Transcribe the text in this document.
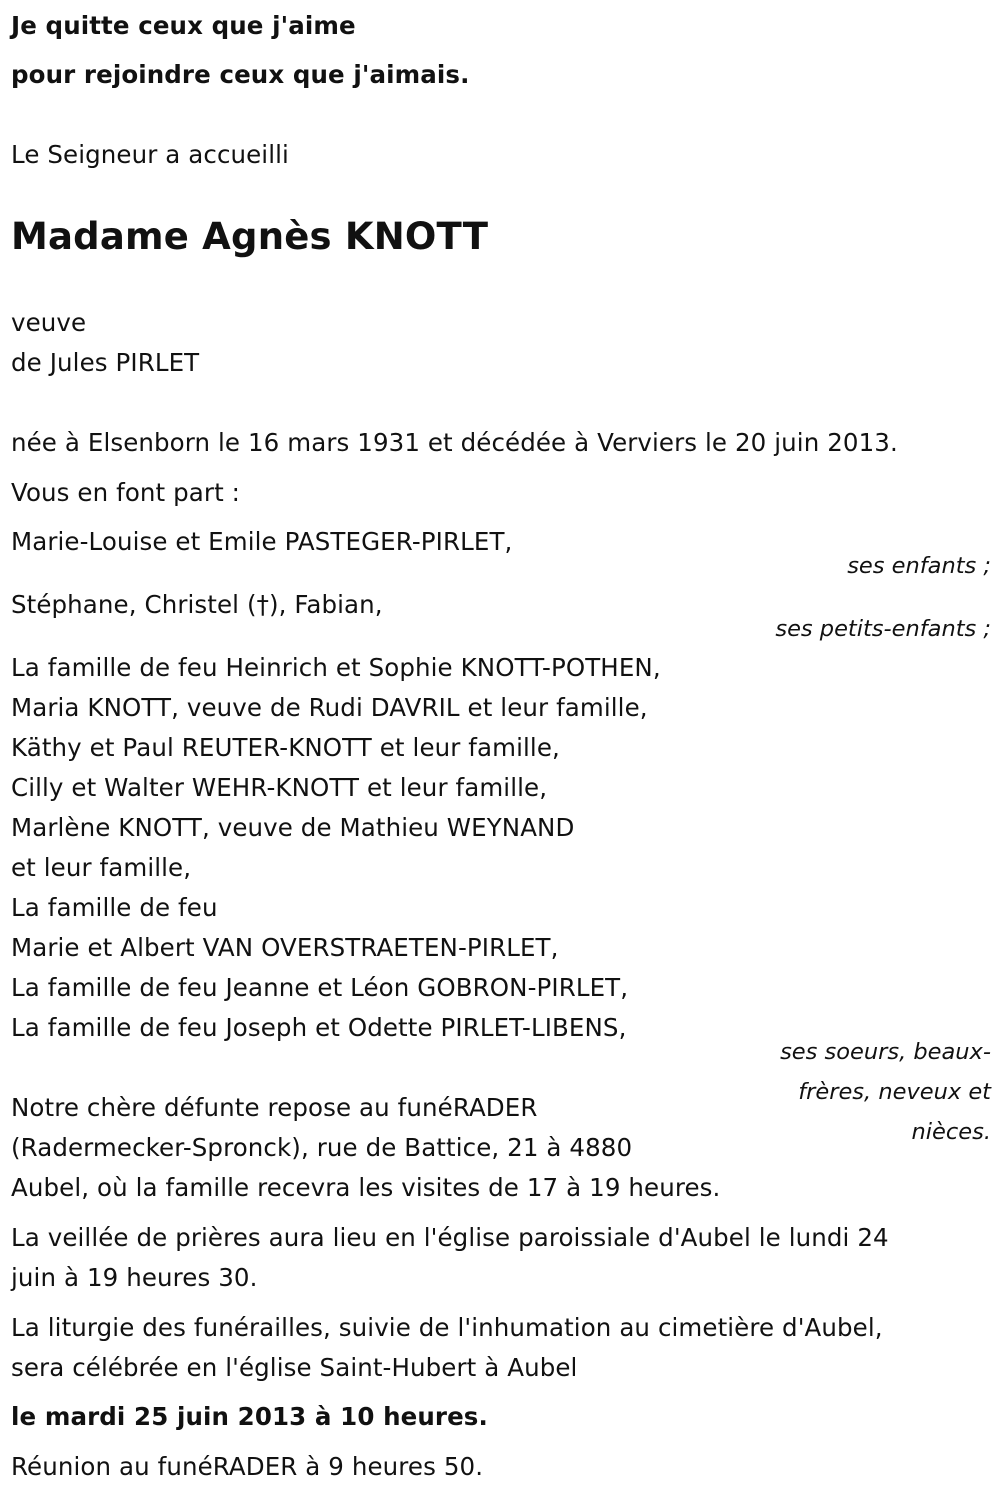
Je quitte ceux que j'aime

pour rejoindre ceux que j'aimais.

Le Seigneur a accueilli

Madame Agnès KNOTT

veuve

de Jules PIRLET

née à Elsenborn le 16 mars 1931 et décédée à Verviers le 20 juin 2013.

Vous en font part :

Marie-Louise et Emile PASTEGER-PIRLET,

ses enfants ;

Stéphane, Christel (†), Fabian,

ses petits-enfants ;

La famille de feu Heinrich et Sophie KNOTT-POTHEN,

Maria KNOTT, veuve de Rudi DAVRIL et leur famille,

Käthy et Paul REUTER-KNOTT et leur famille,

Cilly et Walter WEHR-KNOTT et leur famille,

Marlène KNOTT, veuve de Mathieu WEYNAND

et leur famille,

La famille de feu

Marie et Albert VAN OVERSTRAETEN-PIRLET,

La famille de feu Jeanne et Léon GOBRON-PIRLET,

La famille de feu Joseph et Odette PIRLET-LIBENS,

ses soeurs, beaux-frères, neveux et nièces.

Notre chère défunte repose au funéRADER

(Radermecker-Spronck), rue de Battice, 21 à 4880

Aubel, où la famille recevra les visites de 17 à 19 heures.

La veillée de prières aura lieu en l'église paroissiale d'Aubel le lundi 24

juin à 19 heures 30.

La liturgie des funérailles, suivie de l'inhumation au cimetière d'Aubel,

sera célébrée en l'église Saint-Hubert à Aubel

le mardi 25 juin 2013 à 10 heures.

Réunion au funéRADER à 9 heures 50.
